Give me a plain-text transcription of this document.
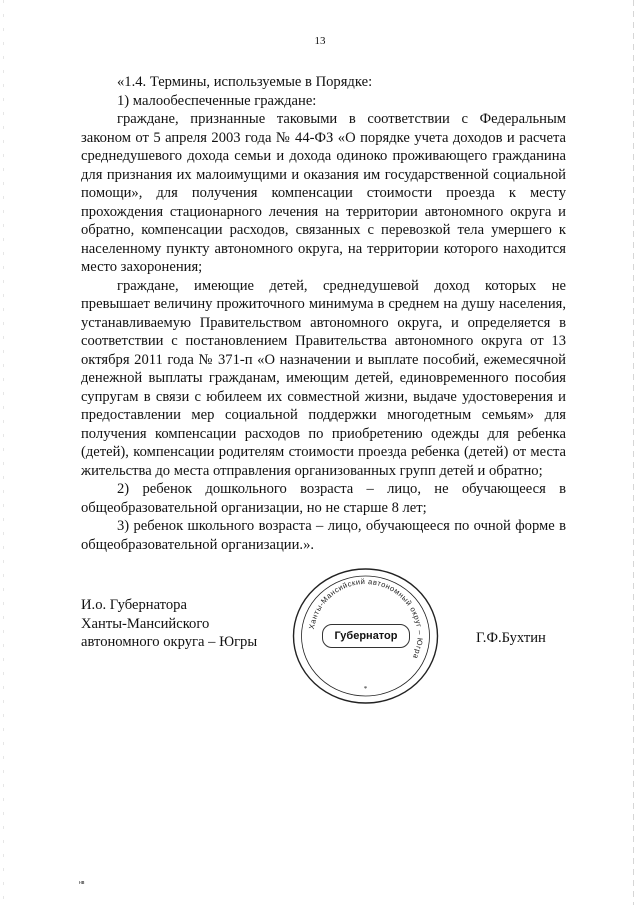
13

«1.4. Термины, используемые в Порядке:

1) малообеспеченные граждане:

граждане, признанные таковыми в соответствии с Федеральным законом от 5 апреля 2003 года № 44-ФЗ «О порядке учета доходов и расчета среднедушевого дохода семьи и дохода одиноко проживающего гражданина для признания их малоимущими и оказания им государственной социальной помощи», для получения компенсации стоимости проезда к месту прохождения стационарного лечения на территории автономного округа и обратно, компенсации расходов, связанных с перевозкой тела умершего к населенному пункту автономного округа, на территории которого находится место захоронения;

граждане, имеющие детей, среднедушевой доход которых не превышает величину прожиточного минимума в среднем на душу населения, устанавливаемую Правительством автономного округа, и определяется в соответствии с постановлением Правительства автономного округа от 13 октября 2011 года № 371-п «О назначении и выплате пособий, ежемесячной денежной выплаты гражданам, имеющим детей, единовременного пособия супругам в связи с юбилеем их совместной жизни, выдаче удостоверения и предоставлении мер социальной поддержки многодетным семьям» для получения компенсации расходов по приобретению одежды для ребенка (детей), компенсации родителям стоимости проезда ребенка (детей) от места жительства до места отправления организованных групп детей и обратно;

2) ребенок дошкольного возраста – лицо, не обучающееся в общеобразовательной организации, но не старше 8 лет;

3) ребенок школьного возраста – лицо, обучающееся по очной форме в общеобразовательной организации.».

И.о. Губернатора
Ханты-Мансийского
автономного округа – Югры
Ханты-Мансийский автономный округ – Югра
*
Губернатор	Г.Ф.Бухтин
нв
